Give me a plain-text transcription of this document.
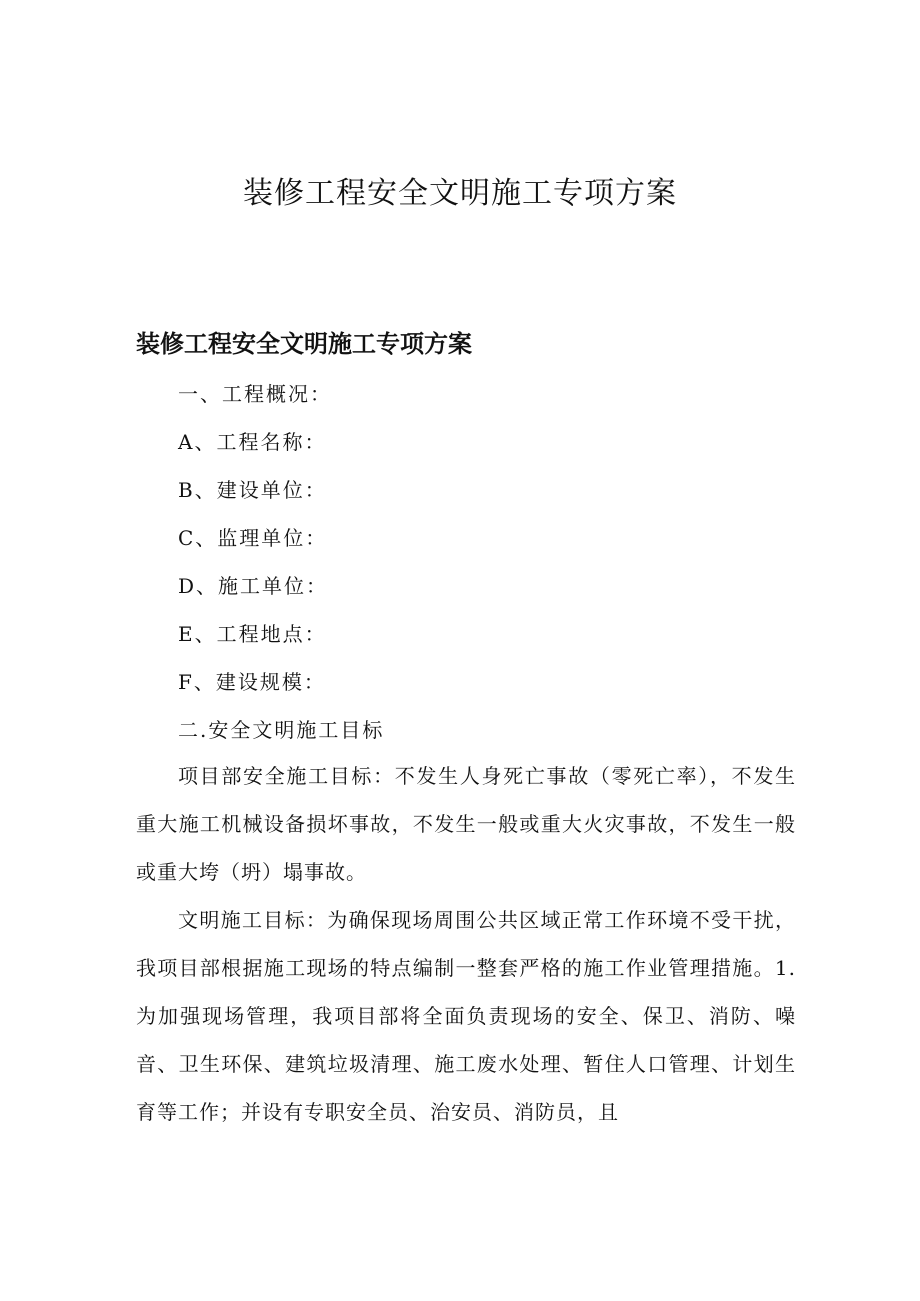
装修工程安全文明施工专项方案
装修工程安全文明施工专项方案
一、工程概况：
A、工程名称：
B、建设单位：
C、监理单位：
D、施工单位：
E、工程地点：
F、建设规模：
二.安全文明施工目标
项目部安全施工目标：不发生人身死亡事故（零死亡率），不发生重大施工机械设备损坏事故，不发生一般或重大火灾事故，不发生一般或重大垮（坍）塌事故。
文明施工目标：为确保现场周围公共区域正常工作环境不受干扰，我项目部根据施工现场的特点编制一整套严格的施工作业管理措施。1.为加强现场管理，我项目部将全面负责现场的安全、保卫、消防、噪音、卫生环保、建筑垃圾清理、施工废水处理、暂住人口管理、计划生育等工作；并设有专职安全员、治安员、消防员，且
